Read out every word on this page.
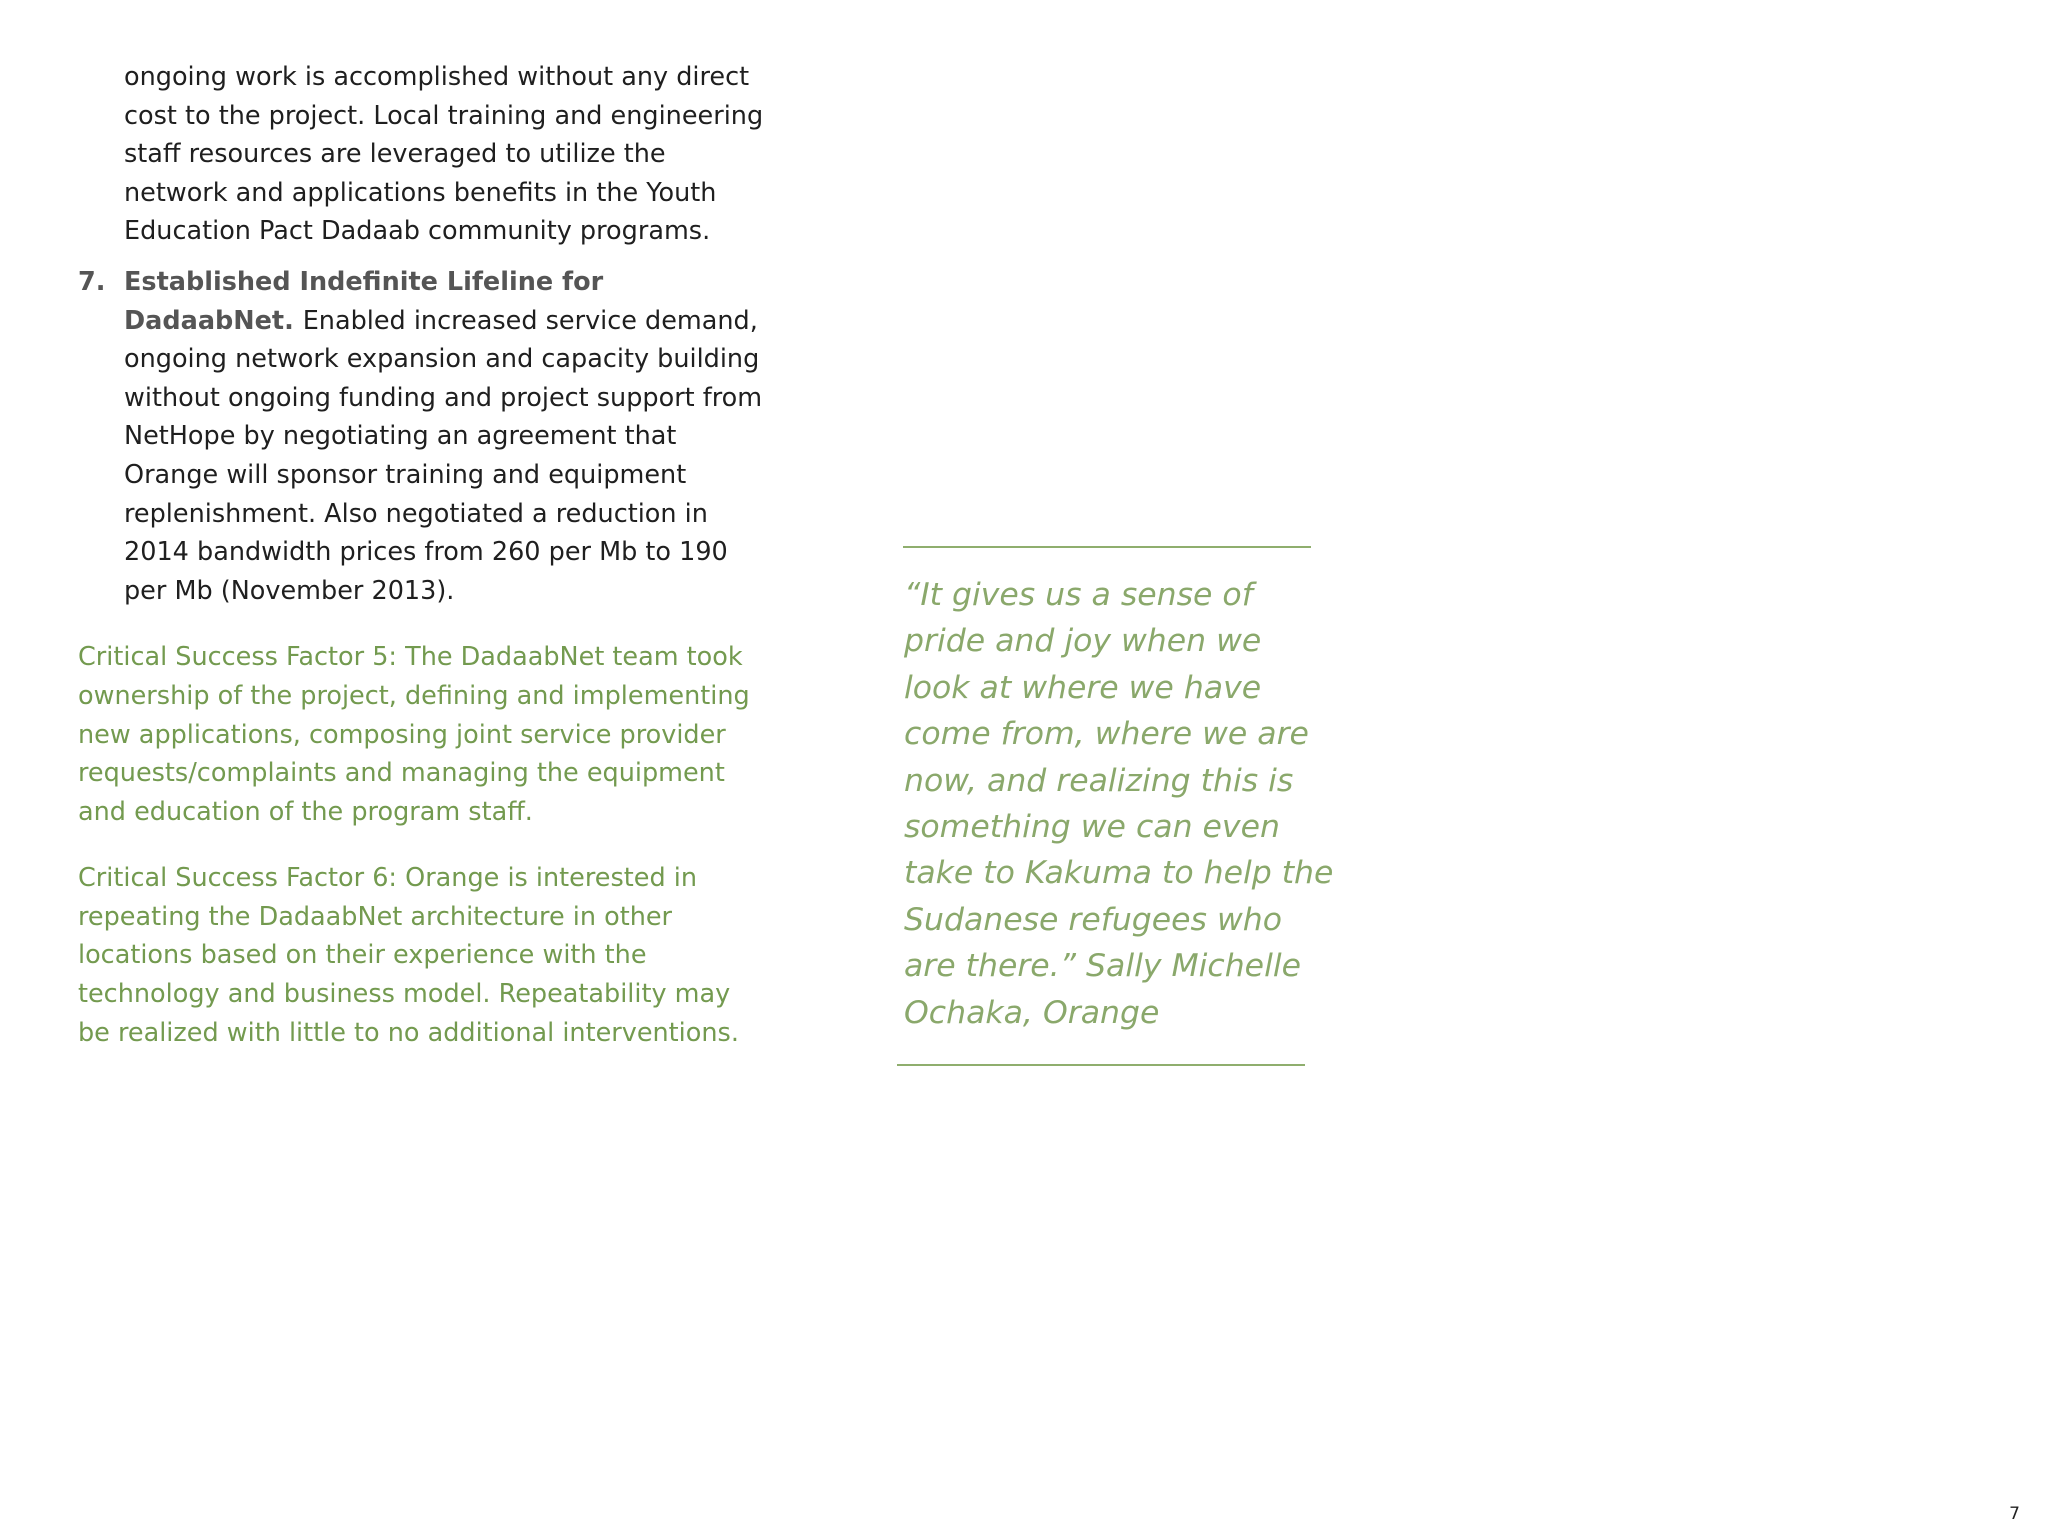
ongoing work is accomplished without any direct cost to the project. Local training and engineering staff resources are leveraged to utilize the network and applications benefits in the Youth Education Pact Dadaab community programs.

7. Established Indefinite Lifeline for DadaabNet. Enabled increased service demand, ongoing network expansion and capacity building without ongoing funding and project support from NetHope by negotiating an agreement that Orange will sponsor training and equipment replenishment. Also negotiated a reduction in 2014 bandwidth prices from 260 per Mb to 190 per Mb (November 2013).

Critical Success Factor 5: The DadaabNet team took ownership of the project, defining and implementing new applications, composing joint service provider requests/complaints and managing the equipment and education of the program staff.

Critical Success Factor 6: Orange is interested in repeating the DadaabNet architecture in other locations based on their experience with the technology and business model. Repeatability may be realized with little to no additional interventions.

“It gives us a sense of pride and joy when we look at where we have come from, where we are now, and realizing this is something we can even take to Kakuma to help the Sudanese refugees who are there.” Sally Michelle Ochaka, Orange
7
